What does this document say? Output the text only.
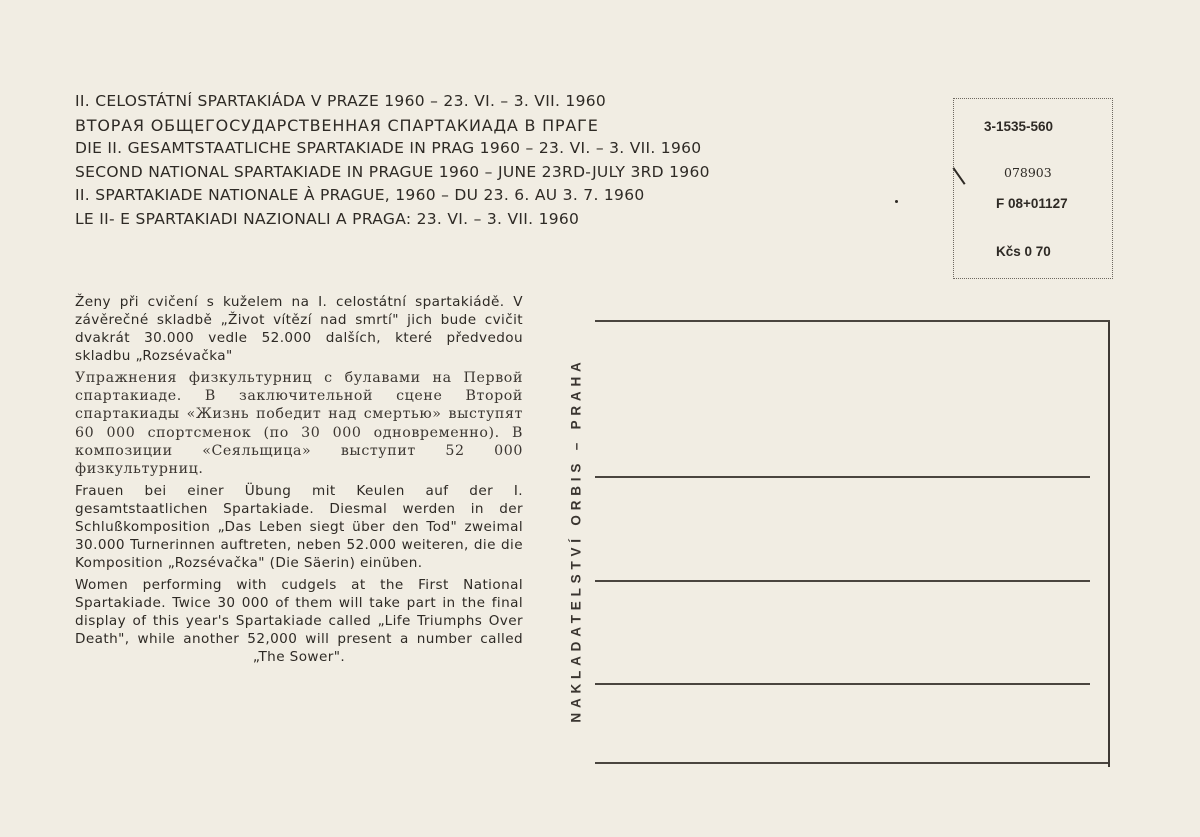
II. CELOSTÁTNÍ SPARTAKIÁDA V PRAZE 1960 – 23. VI. – 3. VII. 1960
ВТОРАЯ ОБЩЕГОСУДАРСТВЕННАЯ СПАРТАКИАДА В ПРАГЕ
DIE II. GESAMTSTAATLICHE SPARTAKIADE IN PRAG 1960 – 23. VI. – 3. VII. 1960
SECOND NATIONAL SPARTAKIADE IN PRAGUE 1960 – JUNE 23RD-JULY 3RD 1960
II. SPARTAKIADE NATIONALE À PRAGUE, 1960 – DU 23. 6. AU 3. 7. 1960
LE II- E SPARTAKIADI NAZIONALI A PRAGA: 23. VI. – 3. VII. 1960
3-1535-560
078903
F 08+01127
Kčs 0 70

Ženy při cvičení s kuželem na I. celostátní spartakiádě. V závěrečné skladbě „Život vítězí nad smrtí" jich bude cvičit dvakrát 30.000 vedle 52.000 dalších, které předvedou skladbu „Rozsévačka"

Упражнения физкультурниц с булавами на Первой спартакиаде. В заключительной сцене Второй спартакиады «Жизнь победит над смертью» выступят 60 000 спортсменок (по 30 000 одновременно). В композиции «Сеяльщица» выступит 52 000 физкультурниц.

Frauen bei einer Übung mit Keulen auf der I. gesamtstaatlichen Spartakiade. Diesmal werden in der Schlußkomposition „Das Leben siegt über den Tod" zweimal 30.000 Turnerinnen auftreten, neben 52.000 weiteren, die die Komposition „Rozsévačka" (Die Säerin) einüben.

Women performing with cudgels at the First National Spartakiade. Twice 30 000 of them will take part in the final display of this year's Spartakiade called „Life Triumphs Over Death", while another 52,000 will present a number called „The Sower".	NAKLADATELSTVÍ ORBIS – PRAHA
